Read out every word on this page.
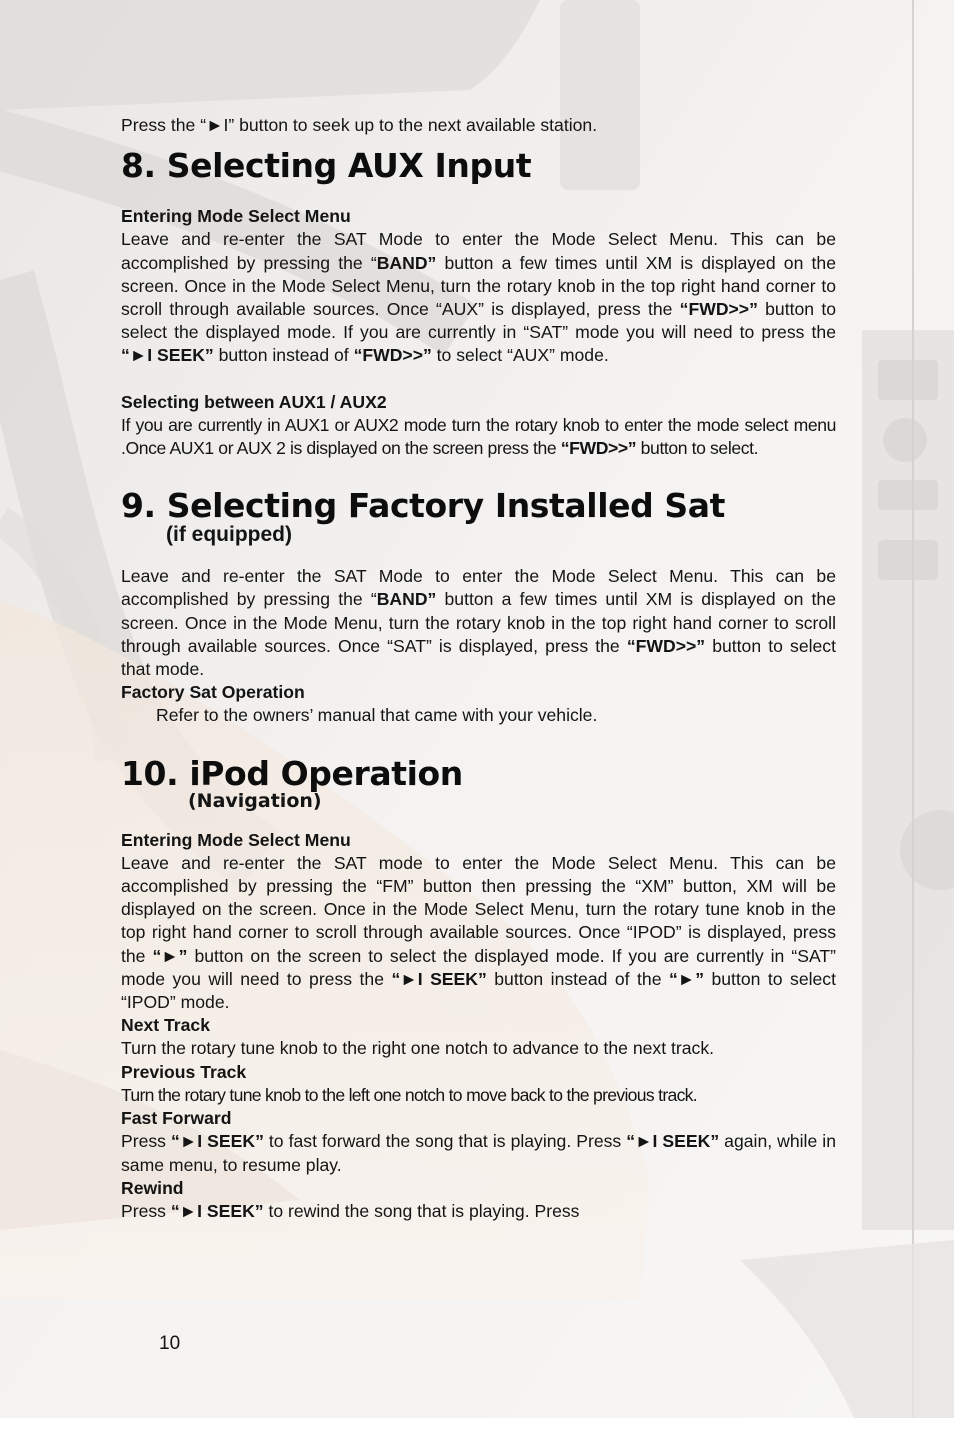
Press the “►I” button to seek up to the next available station.

8. Selecting AUX Input
Entering Mode Select Menu

Leave and re-enter the SAT Mode to enter the Mode Select Menu. This can be accomplished by pressing the “BAND” button a few times until XM is displayed on the screen. Once in the Mode Select Menu, turn the rotary knob in the top right hand corner to scroll through available sources. Once “AUX” is displayed, press the “FWD>>” button to select the displayed mode. If you are currently in “SAT” mode you will need to press the “►I SEEK” button instead of “FWD>>” to select “AUX” mode.

Selecting between AUX1 / AUX2

If you are currently in AUX1 or AUX2 mode turn the rotary knob to enter the mode select menu .Once AUX1 or AUX 2 is displayed on the screen press the “FWD>>” button to select.

9. Selecting Factory Installed Sat
(if equipped)

Leave and re-enter the SAT Mode to enter the Mode Select Menu. This can be accomplished by pressing the “BAND” button a few times until XM is displayed on the screen. Once in the Mode Menu, turn the rotary knob in the top right hand corner to scroll through available sources. Once “SAT” is displayed, press the “FWD>>” button to select that mode.

Factory Sat Operation

Refer to the owners’ manual that came with your vehicle.

10. iPod Operation
(Navigation)
Entering Mode Select Menu

Leave and re-enter the SAT mode to enter the Mode Select Menu. This can be accomplished by pressing the “FM” button then pressing the “XM” button, XM will be displayed on the screen. Once in the Mode Select Menu, turn the rotary tune knob in the top right hand corner to scroll through available sources. Once “IPOD” is displayed, press the “►” button on the screen to select the displayed mode. If you are currently in “SAT” mode you will need to press the “►I SEEK” button instead of the “►” button to select “IPOD” mode.

Next Track

Turn the rotary tune knob to the right one notch to advance to the next track.

Previous Track

Turn the rotary tune knob to the left one notch to move back to the previous track.

Fast Forward

Press “►I SEEK” to fast forward the song that is playing. Press “►I SEEK” again, while in same menu, to resume play.

Rewind

Press “►I SEEK” to rewind the song that is playing. Press

10
